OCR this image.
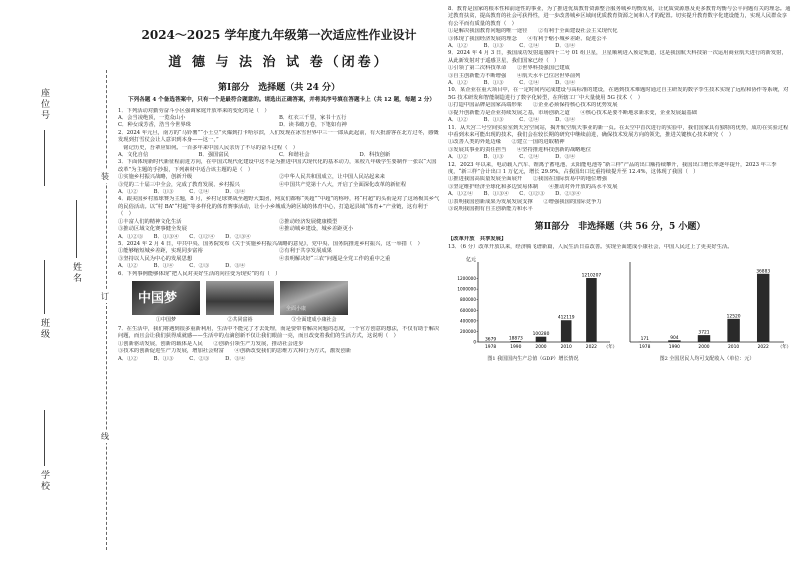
装
订
线
学校
班级
姓名
座位号
2024～2025 学年度九年级第一次适应性作业设计
道 德 与 法 治 试 卷（闭卷）
第Ⅰ部分　选择题（共 24 分）
下列各题 4 个备选答案中，只有一个是最符合题意的。请选出正确答案，并将其序号填在答题卡上（共 12 题，每题 2 分）
1．下列活动对勤劳奋斗小区强调家庭开放率来的变化的是（　）
A．会当凌绝顶，一览众山小	B．红衣三千里，家书十五行
C．种女成芳香，浩当今世界珠	D．读书破万卷，下笔如有神
2．2024 年元旦，南方的“马铃薯”“小土豆”火爆到打卡哈尔滨，人们发现在冰雪世界中三一一郎从此起前，有大批游客在北方过冬，感慨发现到打雪仗会让人意识到本身——这一，”
　铭记历史，吾辈应如何。一百多年来中国人民亲历了不尽的奋斗过程（　）
A．文化自信	B．强国富民	C．和谐社会	D．科技创新
3．下面体现新时代新征程前进方向，在中国式现代化建设中这不是为推进中国式现代化的基本动力，某校九年级学生要制作一张以“大国改革”为主题的手抄报，下列素材中适合该主题的是（　）
①实施乡村振兴战略，创新升级	②中华人民共和国成立，让中国人民站起来来
③党的二十届三中全会，完成了教育发展、乡村振兴	④中国共产党第十八大，开启了全面深化改革的新征程
A．①②　　　B．①③　　　C．②④　　　D．③④
4．跟美国乡村篮球赛为主题，8 月，乡村足球赛战至越野大集团，网友们都称“英超”“中超”的称呼，将“村超”的头衔是对了这场极其乡气的民俗活动。以“村 BA”“村超”等多样化的体育赛事活动，让小小乡城成为跨区域的体育中心，打造起县域“体育+”产业链，这有利于（　）
①丰富人们的精神文化生活	②推动经济发展健康模型
③推动区域文化赛事健全发展	④推动城乡建设，城乡差距更小
A．①②③　　B．①③④　　C．①②④　　D．②③④
5．2024 年 2 月 4 日，中共中央、国务院发布《关于实施乡村振兴战略的意见》，党中央、国务院推进乡村振兴，这一举措（　）
①能够缩短城乡差距，实现同步富裕	②有利于共享发展成果
③坚持以人民为中心的发展思想	④表明解决好“三农”问题是全党工作的重中之重
A．①②　　　B．①④　　　C．②③　　　D．③④
6．下列事例能够体现“把人民对美好生活的向往变为现实”的有（　）
中国梦
全面小康
①中国梦	②共同富裕	③全面建成小康社会
7．在生活中，我们将遇到很多重新利用，生活中不能完了才去处理，而是要带着解决问题的态度，一个官方创意的想法，不仅有助于解决问题，而且会让我们获得成就感——生活中的点滴创新不仅让我们眼前一亮，而且改变着我们的生活方式，这说明（　）
①创新驱动发展，创新的载体是人民　　②创新引领生产力发展，推动社会进步
③技术的创新促进生产力发展，增加社会财富　　④创新改变我们的思维方式和行为方式，激发创新
A．①②　　　B．①③　　　C．②③　　　D．③④
8．教育是国家的根本性和前途性的事业，为了推进优质教育资源整合服务城乡均衡发展，让优质资源惠及更多教育均衡与公平问题有关的理念。通过教育扶贫，提高教育的社会可获得性，进一步改善城乡区域间优质教育资源之间和人才的配置。切实提升教育数字化建设能力，实现人民群众享有公平而有质量的教育（　）
①是解决我国教育问题的唯一途径　　②有利于全面建设社会主义现代化
③体现了我国经济发展的理念　　④有利于缩小城乡差距、促进公平
A．①②　　　B．①③　　　C．②④　　　D．③④
9．2024 年 4 月 3 日，我国成功发射遥感四十二号 01 组卫星，卫星顺利进入预定轨道，这是我国航天科技第一次运用商业航天进行的新发射，从此新发射对于遥感卫星，我们国家已经（　）
①引领了第二次科技革命　　②世界科技强国已建成
③自主创新能力不断增强　　④航天水平已位居世界前列
A．①②　　　B．①③　　　C．②④　　　D．③④
10．某企业在重大项目中，在一定时间内完成建设与高标准的建设，在遇到技术难题时通过自主研发的数字孪生技术实现了远程和协作等系统，对 5G 技术研发和智能制造进行了数字化转型，在所辖工厂中大量使用 5G 技术（　）
①打造中国品牌是国家高端形象　　②企业必须保持核心技术的优势发展
③提升创新能力是企业持续发展之基，市场创新之道　　④核心技术是要不断地求新求变，企业发展最基础
A．①②　　　B．①③　　　C．②④　　　D．③④
11．从天宫二号空间实验室到天宫空间站，揭开航空航天事业的新一页。在太空中首次进行的实验中，我们国家具有独特的优势，成功在实验过程中看到未来可能出现的技术，我们会在较长期的研究中继续前进，确保技术发展方向的领先，推进关键核心技术研究（　）
①改善人类的外延边缘　　②建立一国的进取精神
③发展其事业的责任担当　　④坚持推进科技创新的战略地位
A．①②　　　B．①③　　　C．②④　　　D．③④
12．2023 年以来，电动载人汽车、锂离子蓄电池、太阳能电池等“新三样”产品的出口额持续攀升，我国出口增长率逐年提升，2023 年三季度，“新三样”合计出口 1 万亿元，增长 29.9%，占我国出口比重持续提升至 12.4%，这体现了我国（　）
①推进我国高质量发展全面展开　　②我国在国际贸易中的地位增强
③坚定维护经济全球化和多边贸易体制　　④推动对外开放的高水平发展
A．①②④　　B．①③④　　C．①②③　　D．②③④
①表明我国创新成果为发展发展支撑　　②增强我国的国际竞争力
③说明我国拥有自主创新能力和水平
第Ⅱ部分　非选择题（共 56 分，5 小题）
【改革开放　共享发展】
13．（6 分）改革开放以来，经济腾飞谱新篇，人民生活日益改善。实现全面建成小康社会，中国人民过上了更美好生活。
亿元
0
200000
400000
600000
800000
1000000
1200000
3679
1978
18873
1990
100280
2000
412119
2010
1210207
2022 （年）
图1 我国国内生产总值（GDP）增长情况
171
1978
904
1990
3721
2000
12520
2010
36883
2022 （年）
图2 全国居民人均可支配收入（单位：元）
